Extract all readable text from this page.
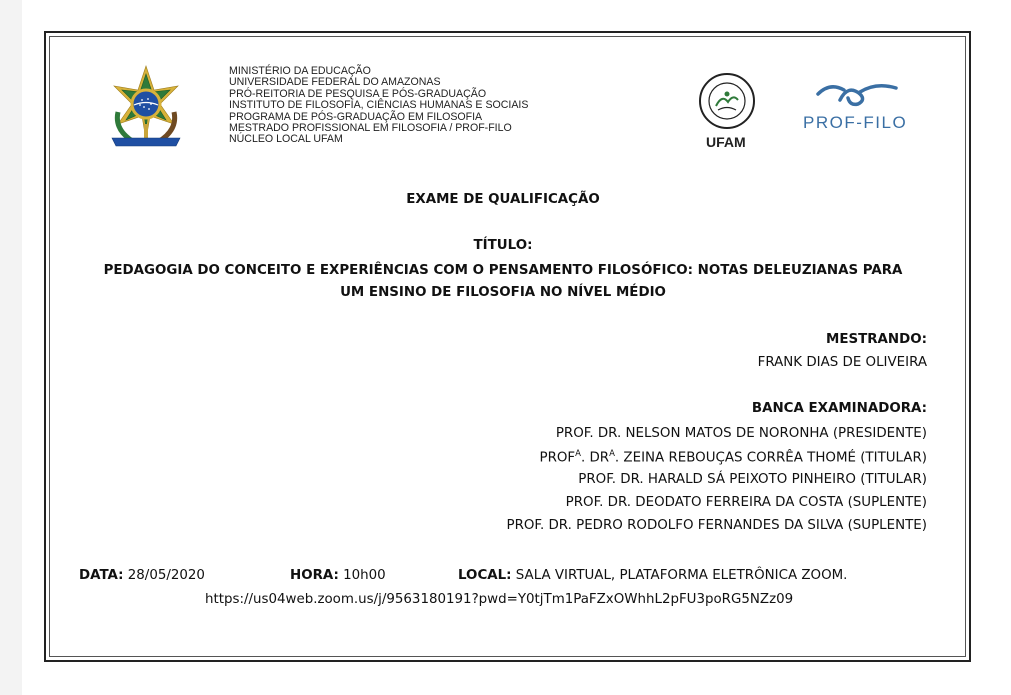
MINISTÉRIO DA EDUCAÇÃO
UNIVERSIDADE FEDERAL DO AMAZONAS
PRÓ-REITORIA DE PESQUISA E PÓS-GRADUAÇÃO
INSTITUTO DE FILOSOFIA, CIÊNCIAS HUMANAS E SOCIAIS
PROGRAMA DE PÓS-GRADUAÇÃO EM FILOSOFIA
MESTRADO PROFISSIONAL EM FILOSOFIA / PROF-FILO
NÚCLEO LOCAL UFAM	UFAM
PROF-FILO
EXAME DE QUALIFICAÇÃO
TÍTULO:
PEDAGOGIA DO CONCEITO E EXPERIÊNCIAS COM O PENSAMENTO FILOSÓFICO: NOTAS DELEUZIANAS PARA
UM ENSINO DE FILOSOFIA NO NÍVEL MÉDIO
MESTRANDO:
FRANK DIAS DE OLIVEIRA
BANCA EXAMINADORA:
PROF. DR. NELSON MATOS DE NORONHA (PRESIDENTE)
$PROF^A$. $DR^A$. ZEINA REBOUÇAS CORRÊA THOMÉ (TITULAR)
PROF. DR. HARALD SÁ PEIXOTO PINHEIRO (TITULAR)
PROF. DR. DEODATO FERREIRA DA COSTA (SUPLENTE)
PROF. DR. PEDRO RODOLFO FERNANDES DA SILVA (SUPLENTE)
DATA: 28/05/2020	HORA: 10h00	LOCAL: SALA VIRTUAL, PLATAFORMA ELETRÔNICA ZOOM.
https://us04web.zoom.us/j/9563180191?pwd=Y0tjTm1PaFZxOWhhL2pFU3poRG5NZz09
